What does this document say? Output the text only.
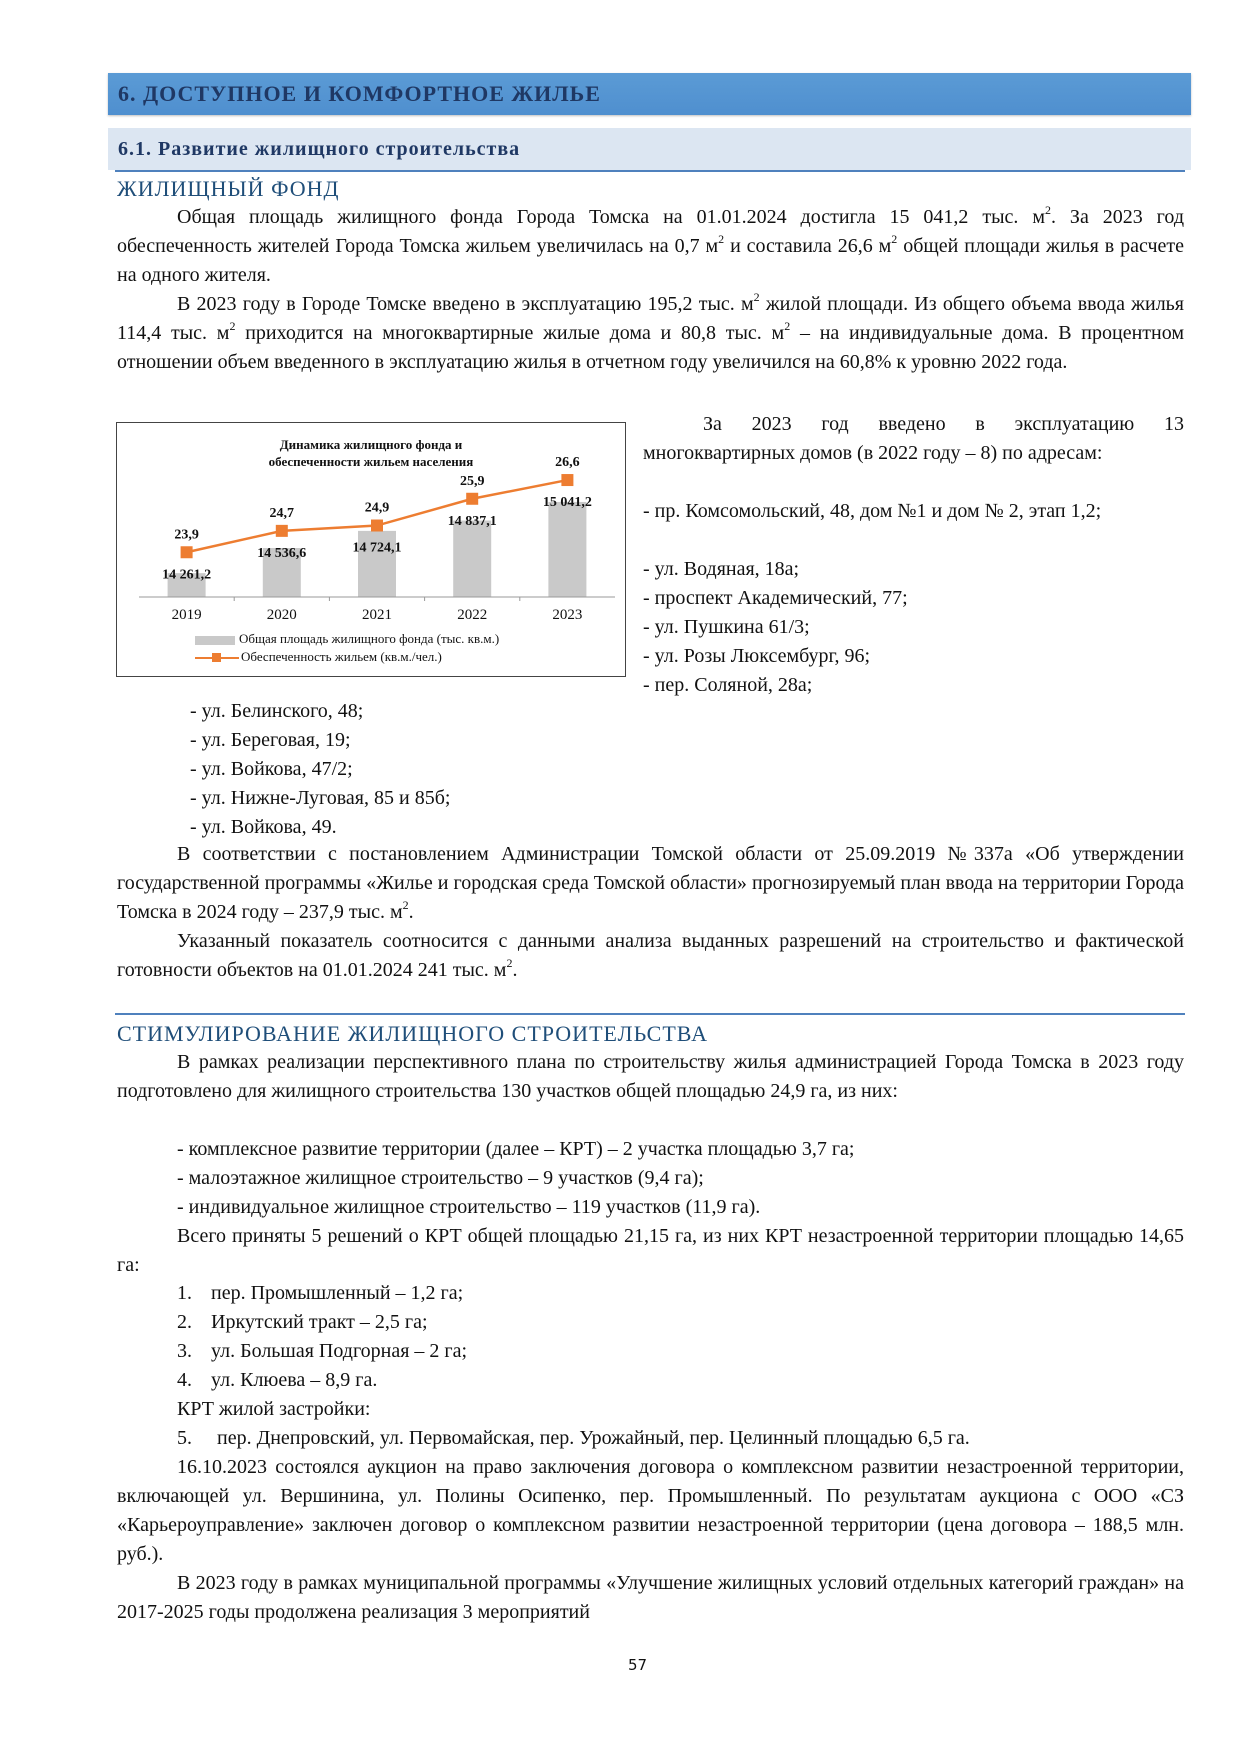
6. ДОСТУПНОЕ И КОМФОРТНОЕ ЖИЛЬЕ
6.1. Развитие жилищного строительства
ЖИЛИЩНЫЙ ФОНД

Общая площадь жилищного фонда Города Томска на 01.01.2024 достигла 15 041,2 тыс. $м^2$. За 2023 год обеспеченность жителей Города Томска жильем увеличилась на 0,7 $м^2$ и составила 26,6 $м^2$ общей площади жилья в расчете на одного жителя.

В 2023 году в Городе Томске введено в эксплуатацию 195,2 тыс. $м^2$ жилой площади. Из общего объема ввода жилья 114,4 тыс. $м^2$ приходится на многоквартирные жилые дома и 80,8 тыс. $м^2$ – на индивидуальные дома. В процентном отношении объем введенного в эксплуатацию жилья в отчетном году увеличился на 60,8% к уровню 2022 года.

Динамика жилищного фонда и обеспеченности жильем населения
23,9
14 261,2
24,7
14 536,6
24,9
14 724,1
25,9
14 837,1
26,6
15 041,2
2019	2020	2021	2022	2023
Общая площадь жилищного фонда (тыс. кв.м.)
Обеспеченность жильем (кв.м./чел.)

За 2023 год введено в эксплуатацию 13 многоквартирных домов (в 2022 году – 8) по адресам:

- пр. Комсомольский, 48, дом №1 и дом № 2, этап 1,2;
- ул. Водяная, 18а;
- проспект Академический, 77;
- ул. Пушкина 61/3;
- ул. Розы Люксембург, 96;
- пер. Соляной, 28а;
- ул. Белинского, 48;
- ул. Береговая, 19;
- ул. Войкова, 47/2;
- ул. Нижне-Луговая, 85 и 85б;
- ул. Войкова, 49.

В соответствии с постановлением Администрации Томской области от 25.09.2019 №337а «Об утверждении государственной программы «Жилье и городская среда Томской области» прогнозируемый план ввода на территории Города Томска в 2024 году – 237,9 тыс. $м^2$.

Указанный показатель соотносится с данными анализа выданных разрешений на строительство и фактической готовности объектов на 01.01.2024 241 тыс. $м^2$.

СТИМУЛИРОВАНИЕ ЖИЛИЩНОГО СТРОИТЕЛЬСТВА

В рамках реализации перспективного плана по строительству жилья администрацией Города Томска в 2023 году подготовлено для жилищного строительства 130 участков общей площадью 24,9 га, из них:

- комплексное развитие территории (далее – КРТ) – 2 участка площадью 3,7 га;
- малоэтажное жилищное строительство – 9 участков (9,4 га);
- индивидуальное жилищное строительство – 119 участков (11,9 га).

Всего приняты 5 решений о КРТ общей площадью 21,15 га, из них КРТ незастроенной территории площадью 14,65 га:

1. пер. Промышленный – 1,2 га;
2. Иркутский тракт – 2,5 га;
3. ул. Большая Подгорная – 2 га;
4. ул. Клюева – 8,9 га.
КРТ жилой застройки:
5. пер. Днепровский, ул. Первомайская, пер. Урожайный, пер. Целинный площадью 6,5 га.

16.10.2023 состоялся аукцион на право заключения договора о комплексном развитии незастроенной территории, включающей ул. Вершинина, ул. Полины Осипенко, пер. Промышленный. По результатам аукциона с ООО «СЗ «Карьероуправление» заключен договор о комплексном развитии незастроенной территории (цена договора – 188,5 млн. руб.).

В 2023 году в рамках муниципальной программы «Улучшение жилищных условий отдельных категорий граждан» на 2017-2025 годы продолжена реализация 3 мероприятий

57
